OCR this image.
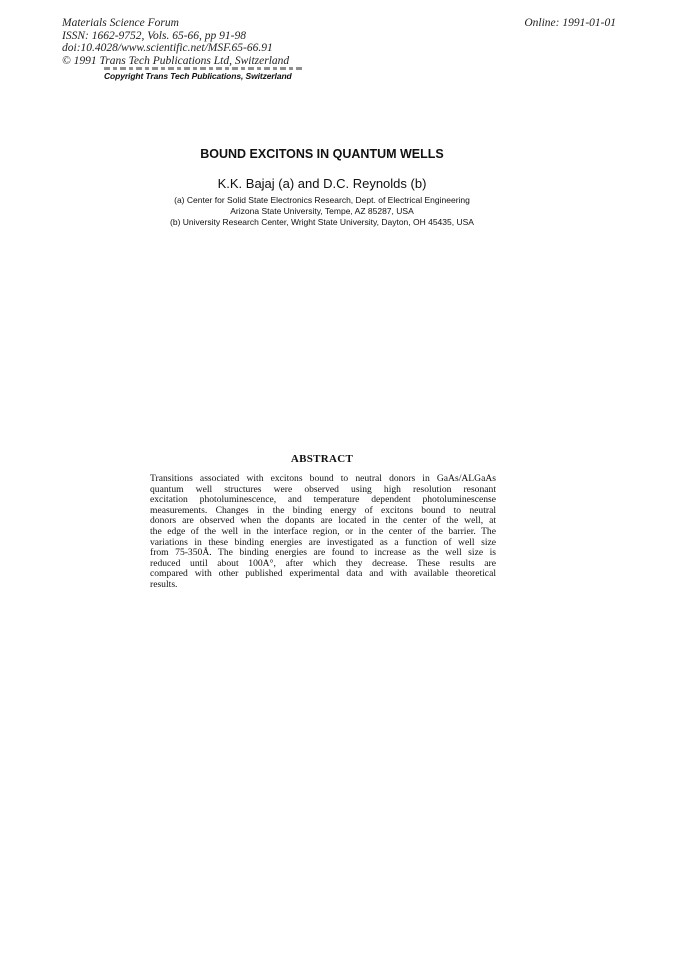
Materials Science Forum
ISSN: 1662-9752, Vols. 65-66, pp 91-98
doi:10.4028/www.scientific.net/MSF.65-66.91
© 1991 Trans Tech Publications Ltd, Switzerland
Online: 1991-01-01
Copyright Trans Tech Publications, Switzerland
BOUND EXCITONS IN QUANTUM WELLS
K.K. Bajaj (a) and D.C. Reynolds (b)
(a) Center for Solid State Electronics Research, Dept. of Electrical Engineering
Arizona State University, Tempe, AZ 85287, USA
(b) University Research Center, Wright State University, Dayton, OH 45435, USA
ABSTRACT
Transitions associated with excitons bound to neutral donors in GaAs/ALGaAs
quantum well structures were observed using high resolution resonant
excitation photoluminescence, and temperature dependent photoluminescense
measurements. Changes in the binding energy of excitons bound to neutral
donors are observed when the dopants are located in the center of the well, at
the edge of the well in the interface region, or in the center of the barrier. The
variations in these binding energies are investigated as a function of well size
from 75-350Å. The binding energies are found to increase as the well size is
reduced until about 100A°, after which they decrease. These results are
compared with other published experimental data and with available theoretical
results.
